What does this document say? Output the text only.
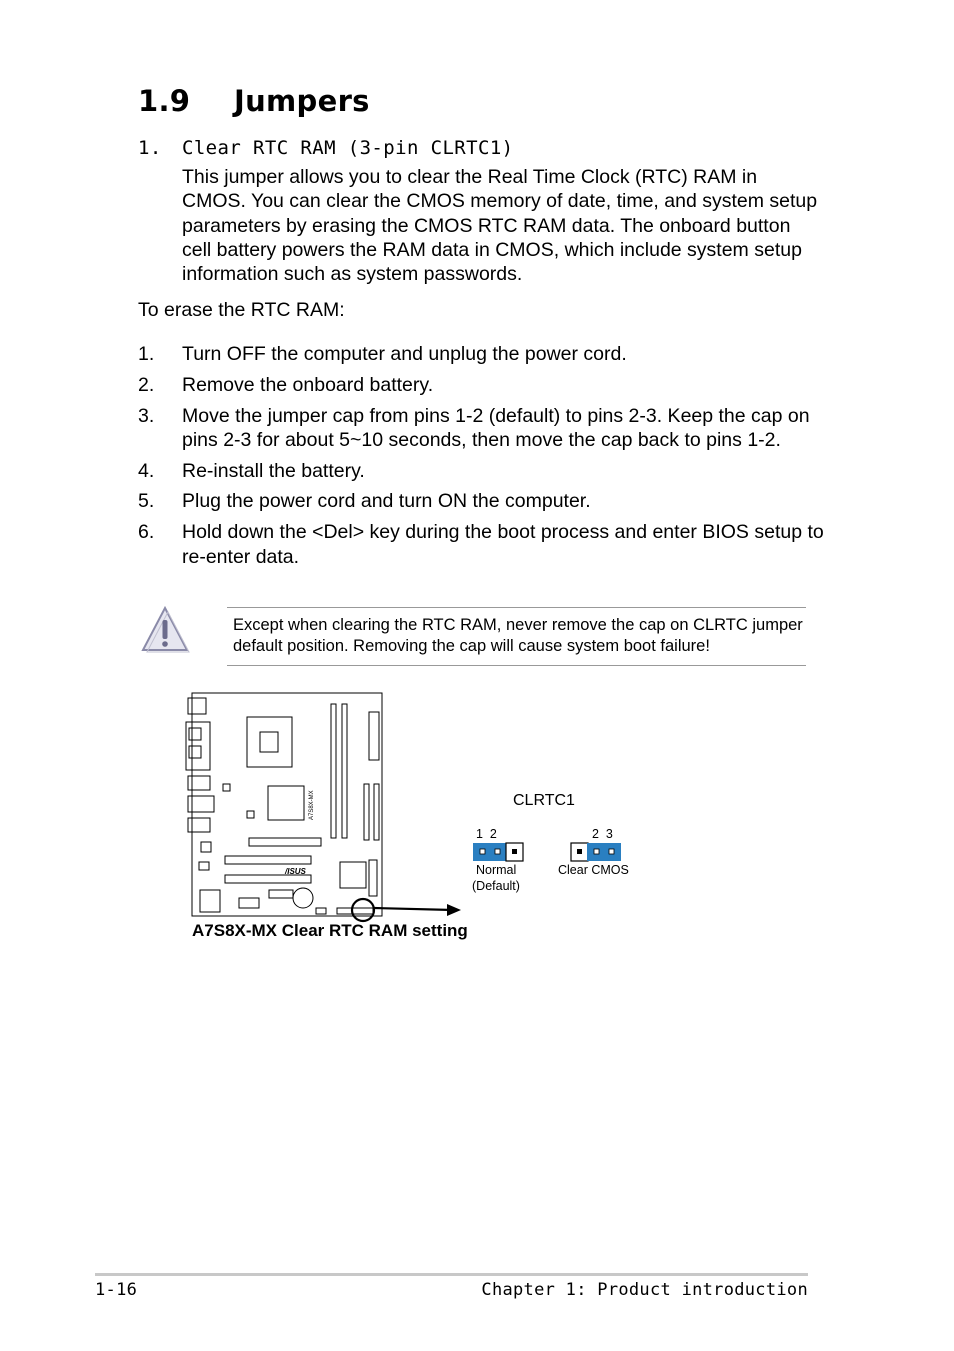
1.9 Jumpers
1. Clear RTC RAM (3-pin CLRTC1)
This jumper allows you to clear the Real Time Clock (RTC) RAM in CMOS. You can clear the CMOS memory of date, time, and system setup parameters by erasing the CMOS RTC RAM data. The onboard button cell battery powers the RAM data in CMOS, which include system setup information such as system passwords.
To erase the RTC RAM:
1.	Turn OFF the computer and unplug the power cord.
2.	Remove the onboard battery.
3.	Move the jumper cap from pins 1-2 (default) to pins 2-3. Keep the cap on pins 2-3 for about 5~10 seconds, then move the cap back to pins 1-2.
4.	Re-install the battery.
5.	Plug the power cord and turn ON the computer.
6.	Hold down the <Del> key during the boot process and enter BIOS setup to re-enter data.
Except when clearing the RTC RAM, never remove the cap on CLRTC jumper default position. Removing the cap will cause system boot failure!
A7S8X-MX
/ISUS
CLRTC1
1  2	2  3
Normal
(Default)
Clear CMOS
A7S8X-MX Clear RTC RAM setting
1-16	Chapter 1: Product introduction
